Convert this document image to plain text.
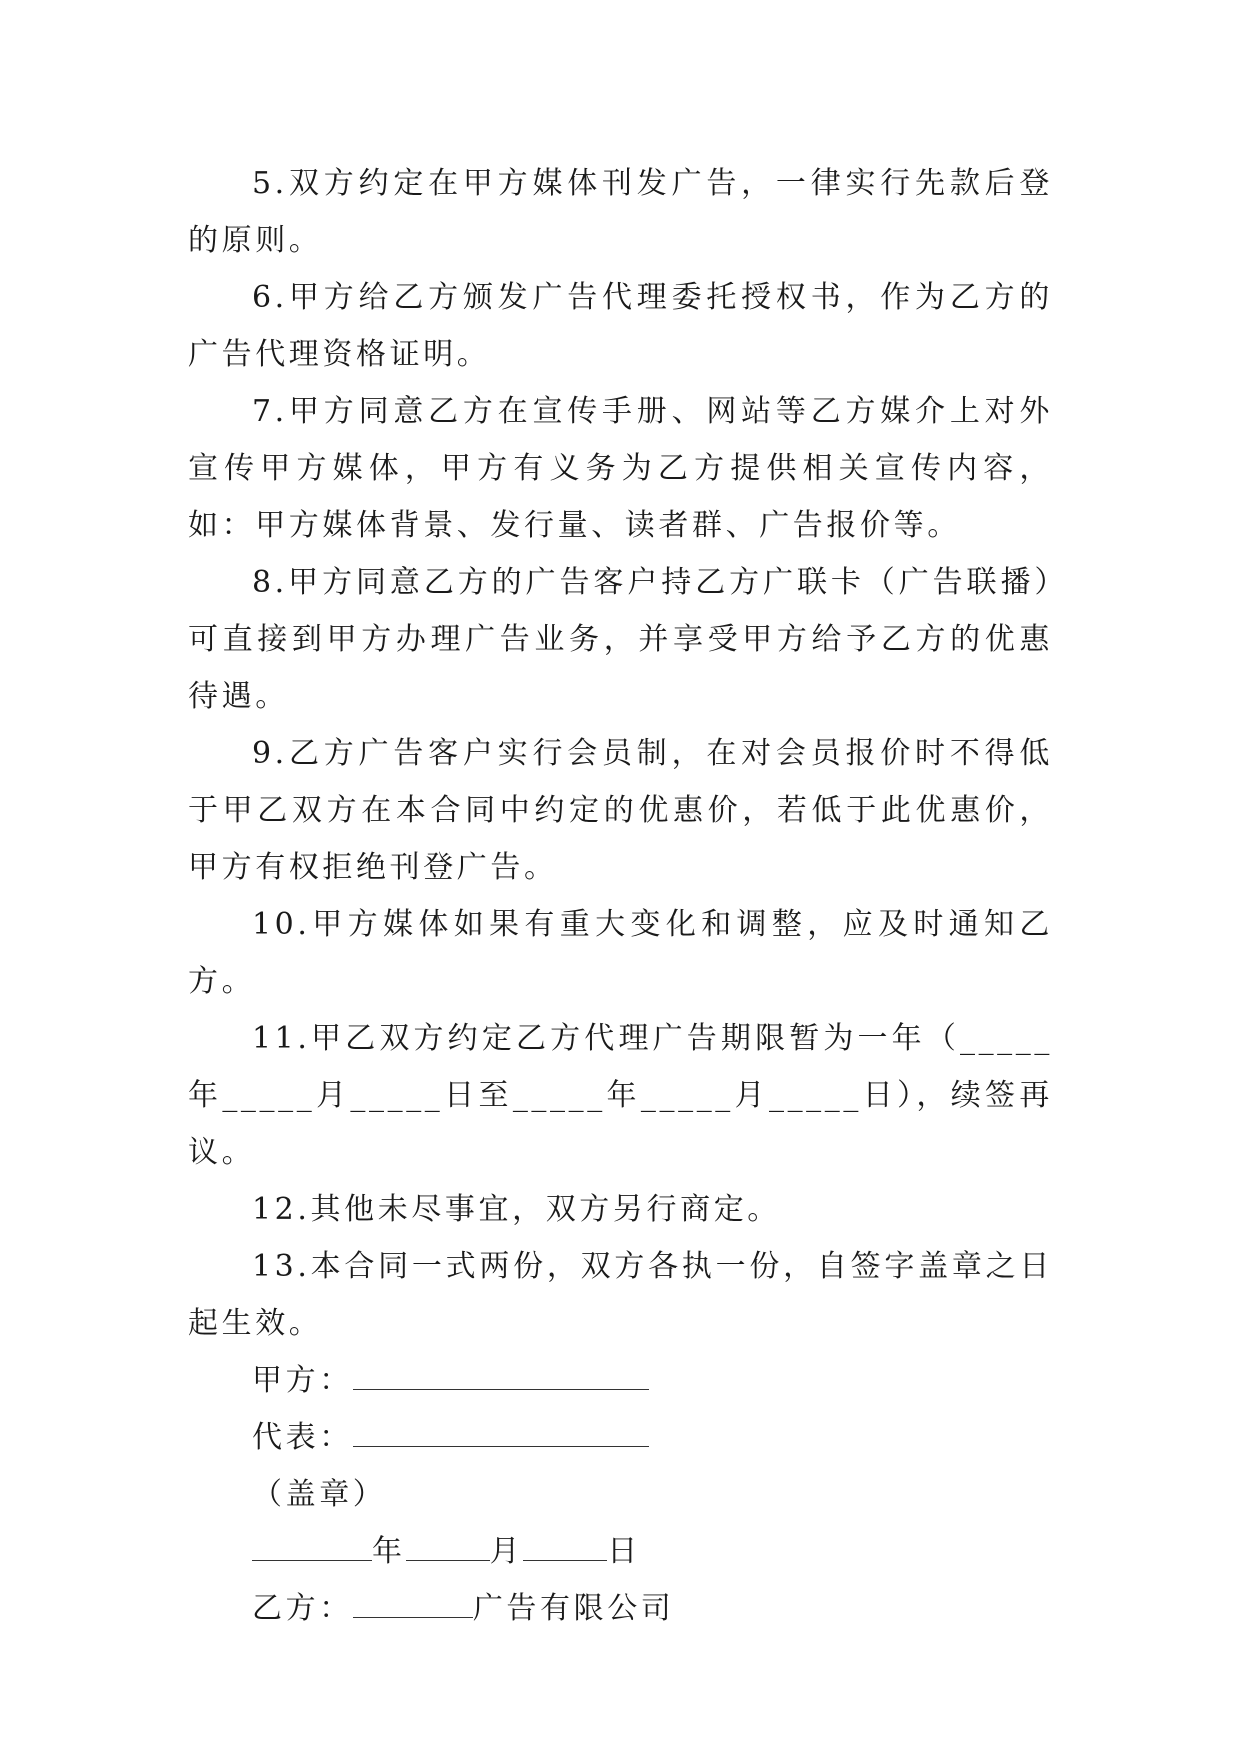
5.双方约定在甲方媒体刊发广告，一律实行先款后登的原则。

6.甲方给乙方颁发广告代理委托授权书，作为乙方的广告代理资格证明。

7.甲方同意乙方在宣传手册、网站等乙方媒介上对外宣传甲方媒体，甲方有义务为乙方提供相关宣传内容，如：甲方媒体背景、发行量、读者群、广告报价等。

8.甲方同意乙方的广告客户持乙方广联卡（广告联播）可直接到甲方办理广告业务，并享受甲方给予乙方的优惠待遇。

9.乙方广告客户实行会员制，在对会员报价时不得低于甲乙双方在本合同中约定的优惠价，若低于此优惠价，甲方有权拒绝刊登广告。

10.甲方媒体如果有重大变化和调整，应及时通知乙方。

11.甲乙双方约定乙方代理广告期限暂为一年（_____年_____月_____日至_____年_____月_____日），续签再议。

12.其他未尽事宜，双方另行商定。

13.本合同一式两份，双方各执一份，自签字盖章之日起生效。

甲方：

代表：

（盖章）

年	月	日

乙方：	广告有限公司
